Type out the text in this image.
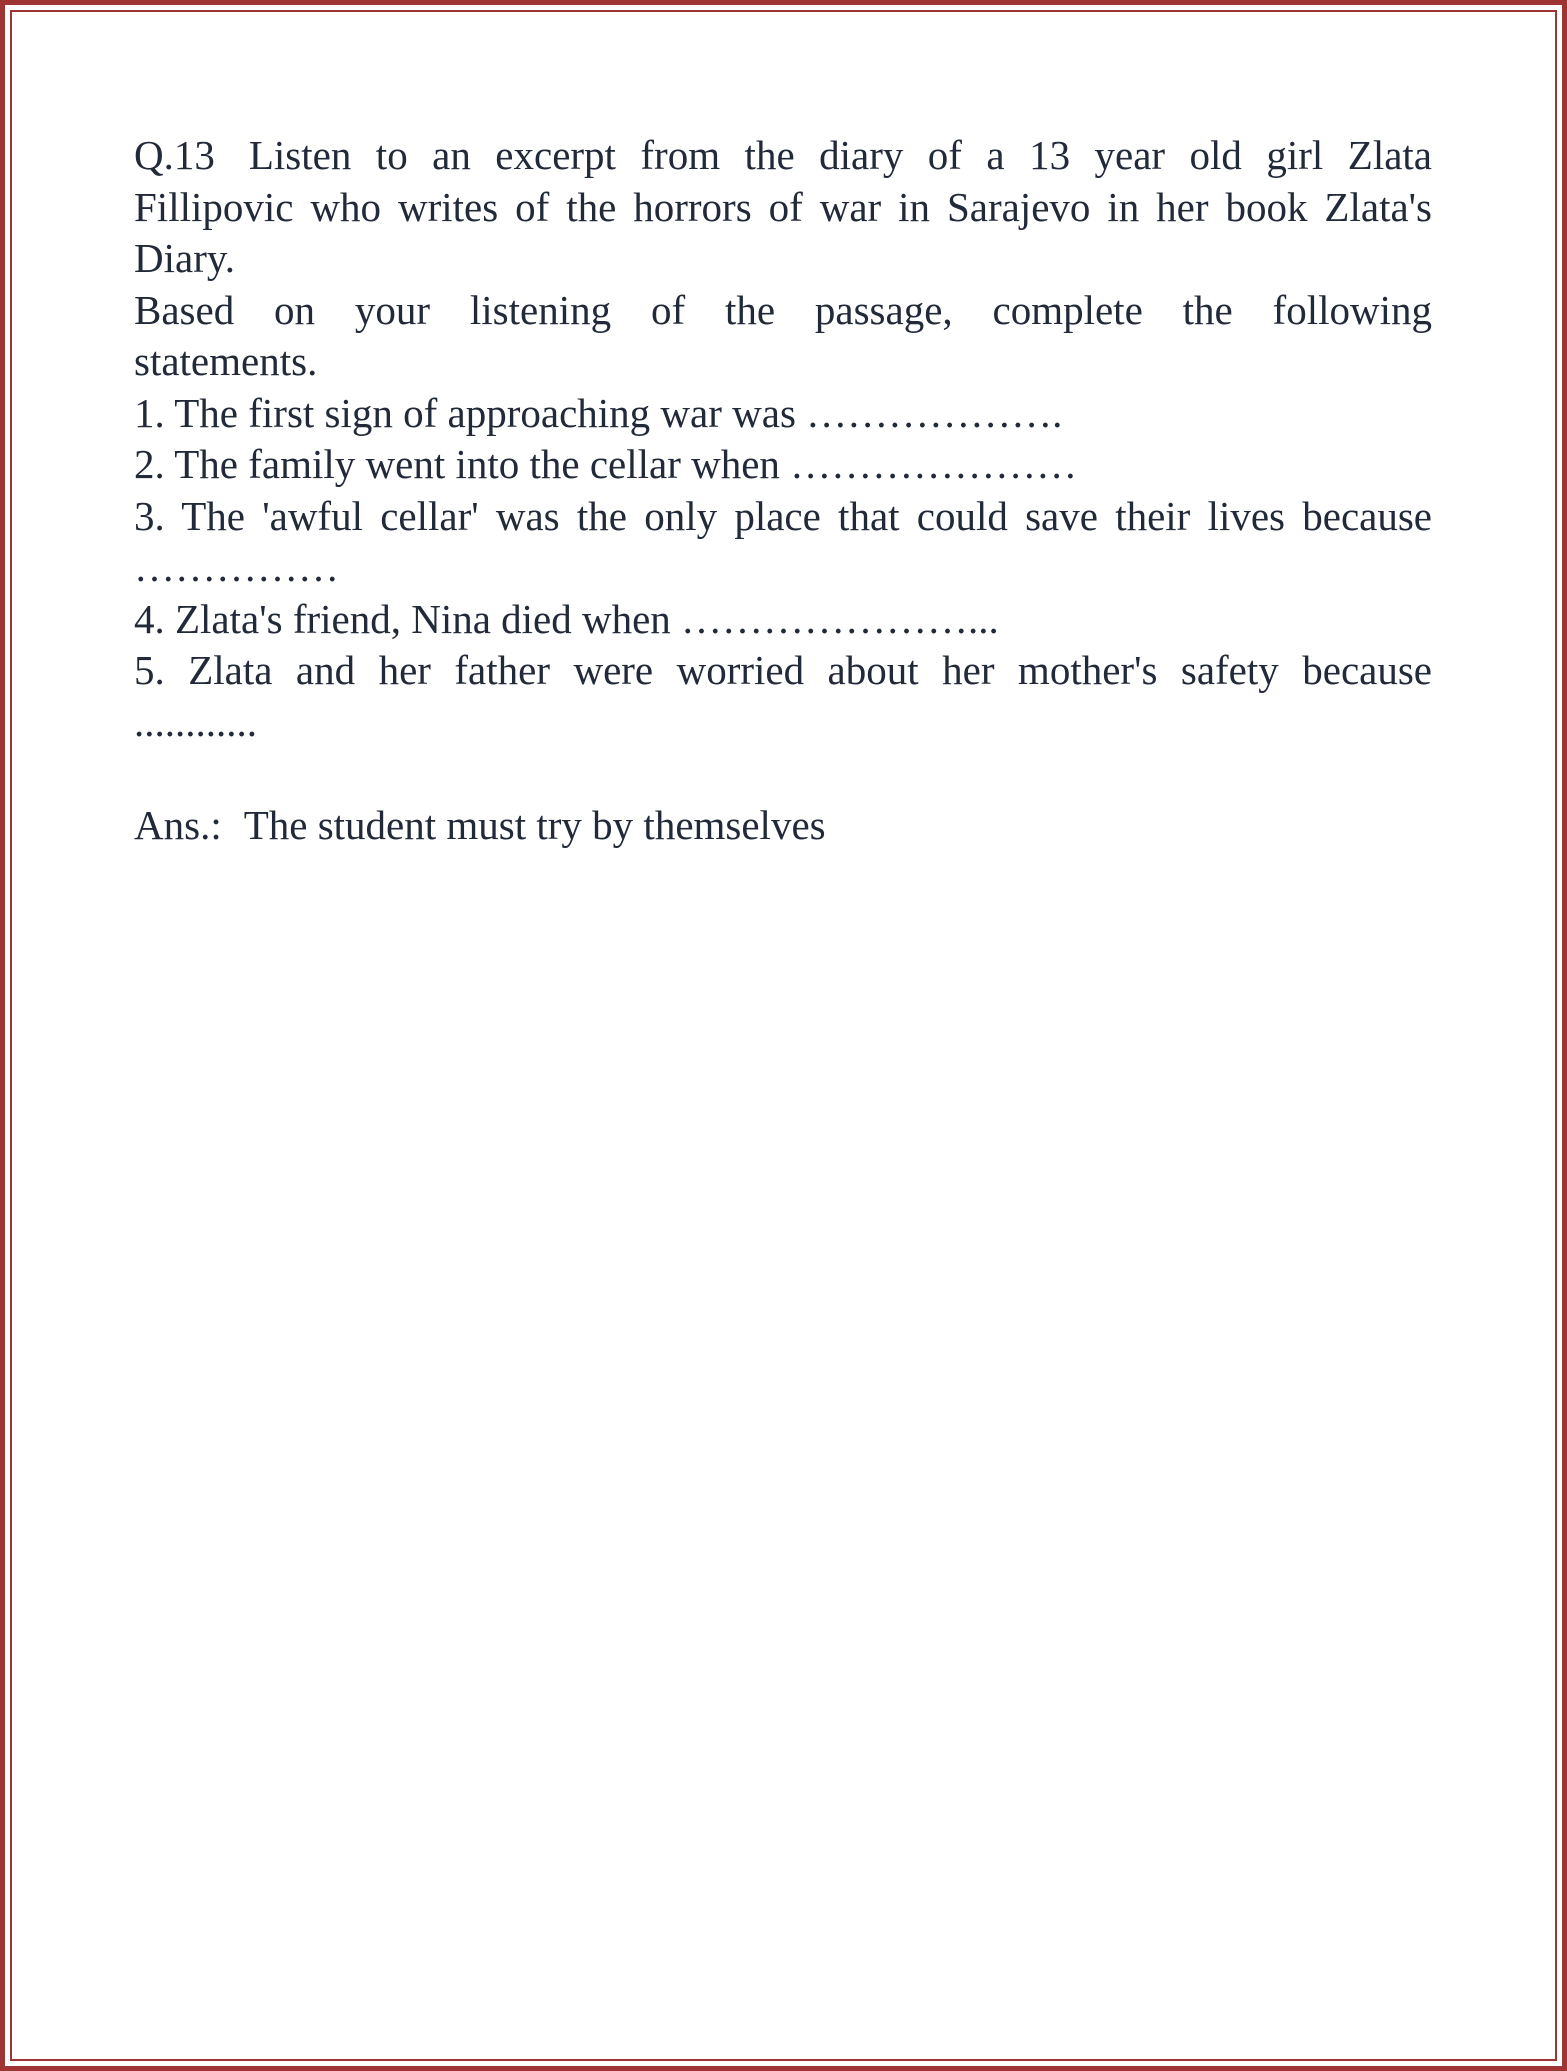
Q.13 Listen to an excerpt from the diary of a 13 year old girl Zlata
Fillipovic who writes of the horrors of war in Sarajevo in her book Zlata's
Diary.
Based on your listening of the passage, complete the following
statements.
1. The first sign of approaching war was ……………….
2. The family went into the cellar when …………………
3. The 'awful cellar' was the only place that could save their lives because
……………
4. Zlata's friend, Nina died when …………………...
5. Zlata and her father were worried about her mother's safety because
............
Ans.: The student must try by themselves
